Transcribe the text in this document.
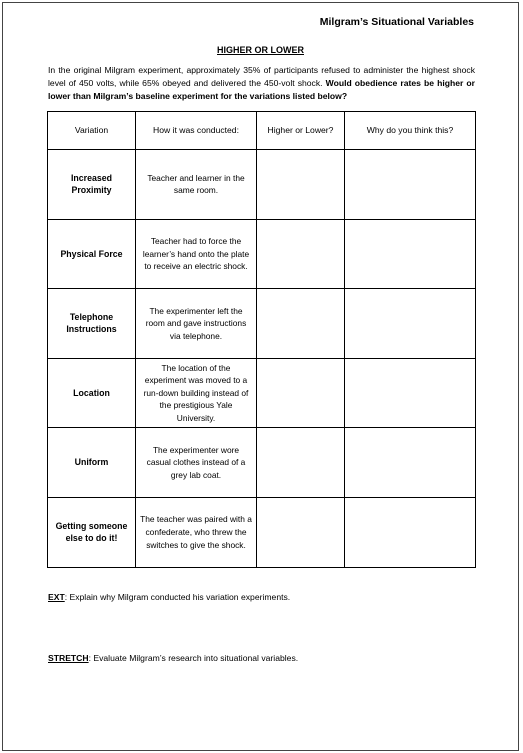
Milgram’s Situational Variables
HIGHER OR LOWER

In the original Milgram experiment, approximately 35% of participants refused to administer the highest shock level of 450 volts, while 65% obeyed and delivered the 450-volt shock. Would obedience rates be higher or lower than Milgram’s baseline experiment for the variations listed below?

Variation	How it was conducted:	Higher or Lower?	Why do you think this?
Increased Proximity	Teacher and learner in the same room.		
Physical Force	Teacher had to force the learner’s hand onto the plate to receive an electric shock.		
Telephone Instructions	The experimenter left the room and gave instructions via telephone.		
Location	The location of the experiment was moved to a run-down building instead of the prestigious Yale University.		
Uniform	The experimenter wore casual clothes instead of a grey lab coat.		
Getting someone else to do it!	The teacher was paired with a confederate, who threw the switches to give the shock.		

EXT: Explain why Milgram conducted his variation experiments.

STRETCH: Evaluate Milgram’s research into situational variables.
